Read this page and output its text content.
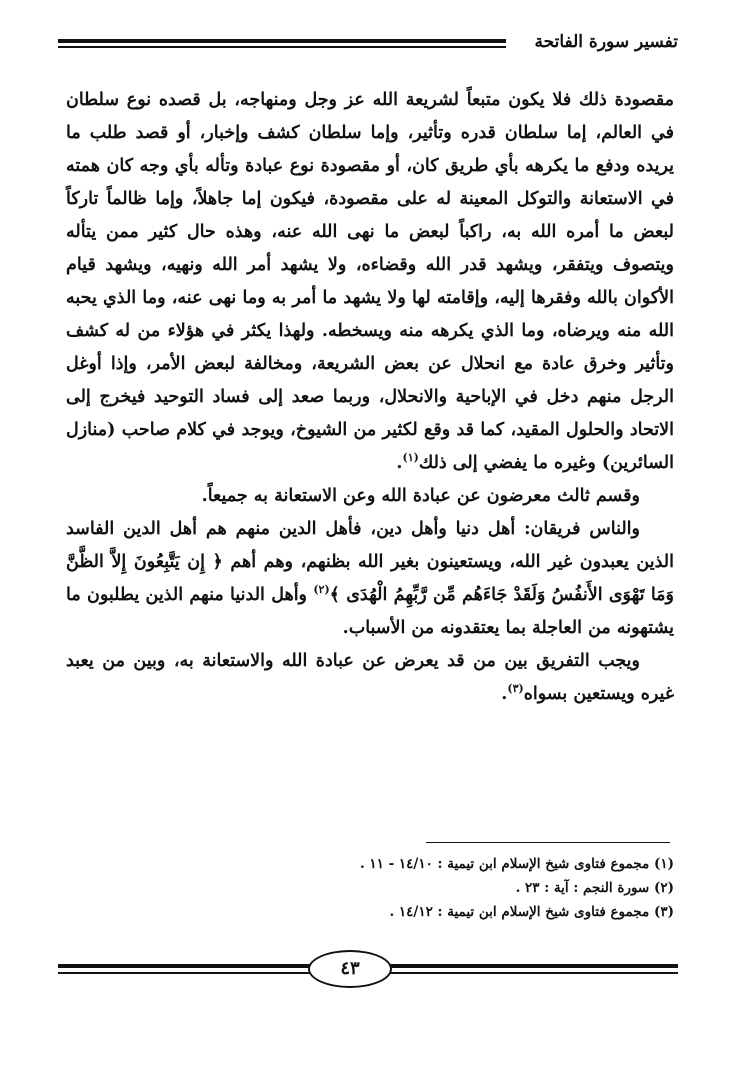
تفسير سورة الفاتحة

مقصودة ذلك فلا يكون متبعاً لشريعة الله عز وجل ومنهاجه، بل قصده نوع سلطان في العالم، إما سلطان قدره وتأثير، وإما سلطان كشف وإخبار، أو قصد طلب ما يريده ودفع ما يكرهه بأي طريق كان، أو مقصودة نوع عبادة وتأله بأي وجه كان همته في الاستعانة والتوكل المعينة له على مقصودة، فيكون إما جاهلاً، وإما ظالماً تاركاً لبعض ما أمره الله به، راكباً لبعض ما نهى الله عنه، وهذه حال كثير ممن يتأله ويتصوف ويتفقر، ويشهد قدر الله وقضاءه، ولا يشهد أمر الله ونهيه، ويشهد قيام الأكوان بالله وفقرها إليه، وإقامته لها ولا يشهد ما أمر به وما نهى عنه، وما الذي يحبه الله منه ويرضاه، وما الذي يكرهه منه ويسخطه. ولهذا يكثر في هؤلاء من له كشف وتأثير وخرق عادة مع انحلال عن بعض الشريعة، ومخالفة لبعض الأمر، وإذا أوغل الرجل منهم دخل في الإباحية والانحلال، وربما صعد إلى فساد التوحيد فيخرج إلى الاتحاد والحلول المقيد، كما قد وقع لكثير من الشيوخ، ويوجد في كلام صاحب (منازل السائرين) وغيره ما يفضي إلى ذلك$^{(١)}$.

وقسم ثالث معرضون عن عبادة الله وعن الاستعانة به جميعاً.

والناس فريقان: أهل دنيا وأهل دين، فأهل الدين منهم هم أهل الدين الفاسد الذين يعبدون غير الله، ويستعينون بغير الله بظنهم، وهم أهم ﴿ إِن يَتَّبِعُونَ إِلاَّ الظَّنَّ وَمَا تَهْوَى الأَنفُسُ وَلَقَدْ جَاءَهُم مِّن رَّبِّهِمُ الْهُدَى ﴾$^{(٢)}$ وأهل الدنيا منهم الذين يطلبون ما يشتهونه من العاجلة بما يعتقدونه من الأسباب.

ويجب التفريق بين من قد يعرض عن عبادة الله والاستعانة به، وبين من يعبد غيره ويستعين بسواه$^{(٣)}$.

(١) مجموع فتاوى شيخ الإسلام ابن تيمية : ١٤/١٠ - ١١ .

(٢) سورة النجم : آية : ٢٣ .

(٣) مجموع فتاوى شيخ الإسلام ابن تيمية : ١٤/١٢ .

٤٣
